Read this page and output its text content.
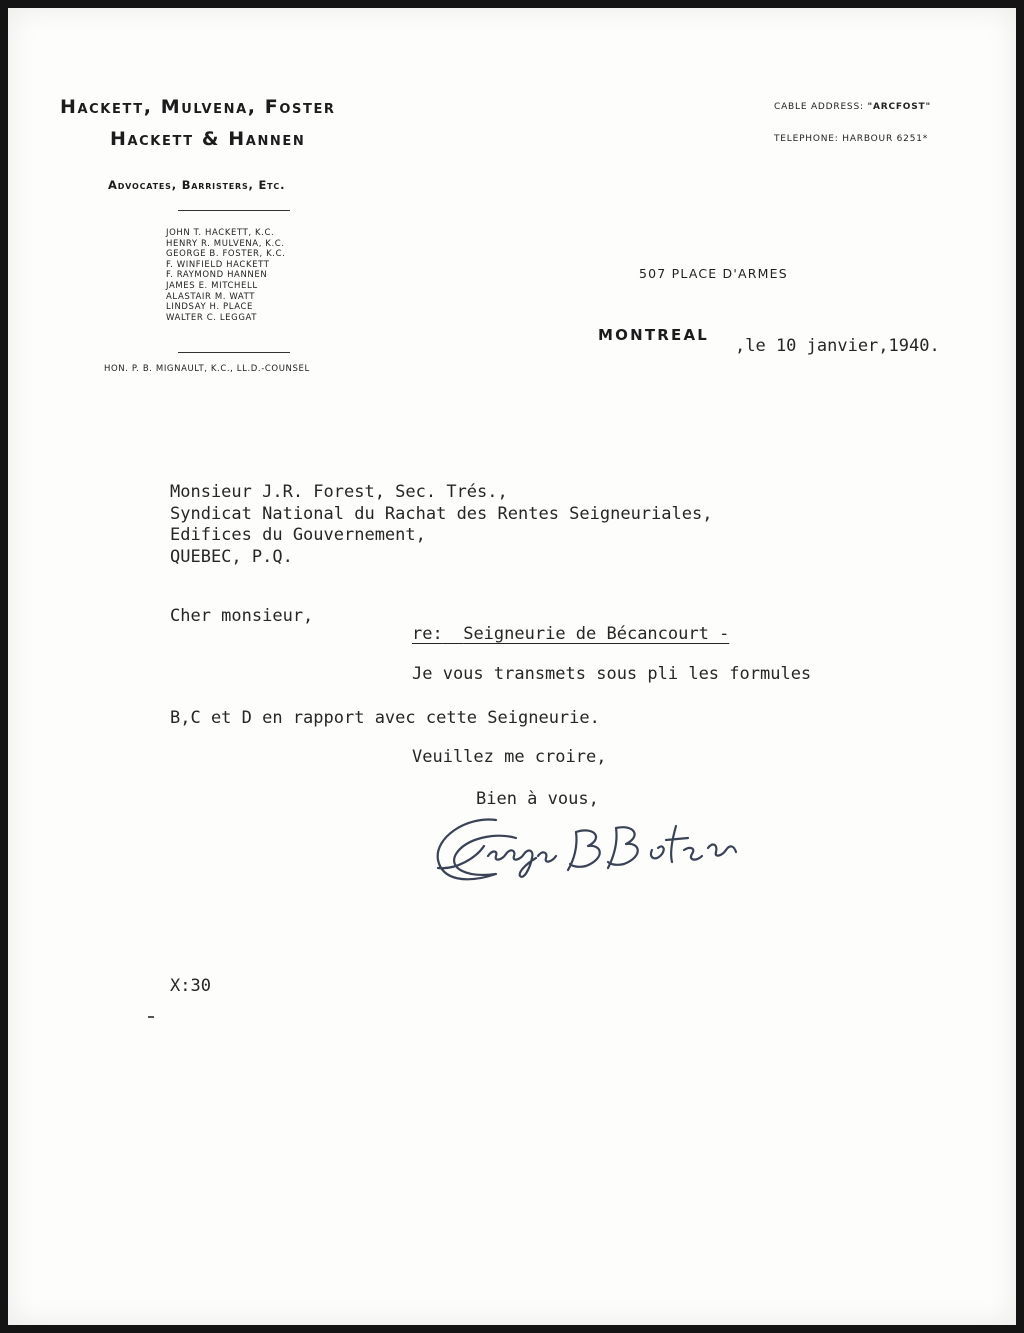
Hackett, Mulvena, Foster
Hackett & Hannen
Advocates, Barristers, Etc.
JOHN T. HACKETT, K.C.
HENRY R. MULVENA, K.C.
GEORGE B. FOSTER, K.C.
F. WINFIELD HACKETT
F. RAYMOND HANNEN
JAMES E. MITCHELL
ALASTAIR M. WATT
LINDSAY H. PLACE
WALTER C. LEGGAT
HON. P. B. MIGNAULT, K.C., LL.D.-COUNSEL
CABLE ADDRESS: "ARCFOST"
TELEPHONE: HARBOUR 6251*
507 PLACE D'ARMES
MONTREAL
,le 10 janvier,1940.
Monsieur J.R. Forest, Sec. Trés.,
Syndicat National du Rachat des Rentes Seigneuriales,
Edifices du Gouvernement,
QUEBEC, P.Q.
Cher monsieur,
re: Seigneurie de Bécancourt -
Je vous transmets sous pli les formules
B,C et D en rapport avec cette Seigneurie.
Veuillez me croire,
Bien à vous,
X:30
